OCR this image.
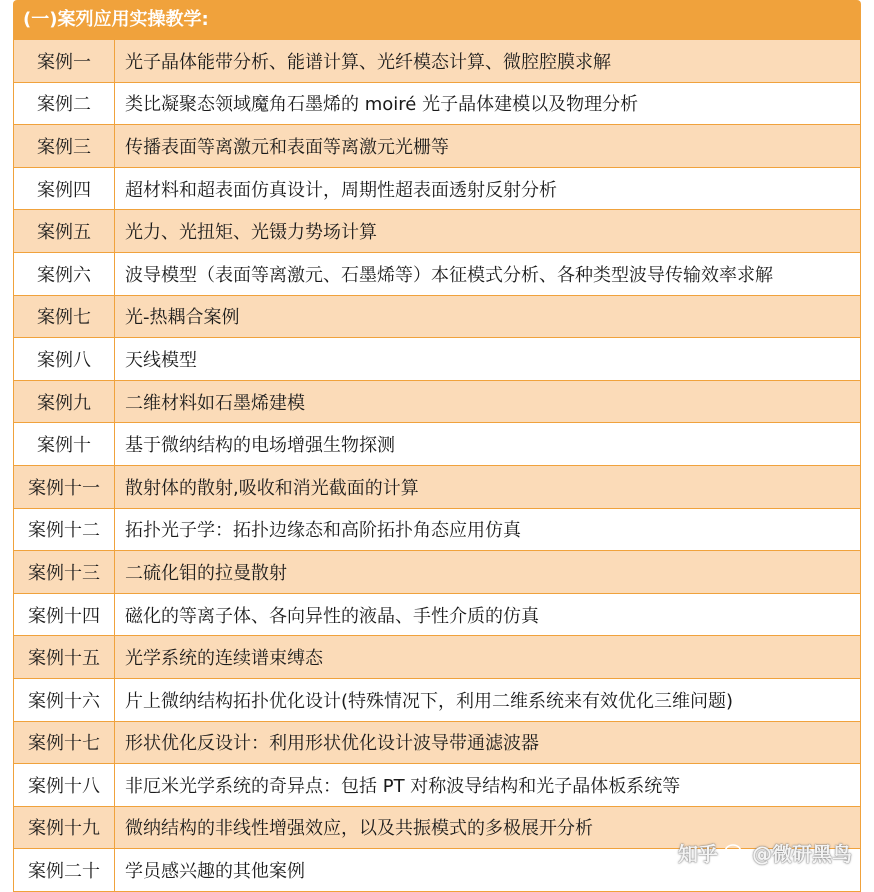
(一)案列应用实操教学:
案例一	光子晶体能带分析、能谱计算、光纤模态计算、微腔腔膜求解
案例二	类比凝聚态领域魔角石墨烯的 moiré 光子晶体建模以及物理分析
案例三	传播表面等离激元和表面等离激元光栅等
案例四	超材料和超表面仿真设计，周期性超表面透射反射分析
案例五	光力、光扭矩、光镊力势场计算
案例六	波导模型（表面等离激元、石墨烯等）本征模式分析、各种类型波导传输效率求解
案例七	光-热耦合案例
案例八	天线模型
案例九	二维材料如石墨烯建模
案例十	基于微纳结构的电场增强生物探测
案例十一	散射体的散射,吸收和消光截面的计算
案例十二	拓扑光子学：拓扑边缘态和高阶拓扑角态应用仿真
案例十三	二硫化钼的拉曼散射
案例十四	磁化的等离子体、各向异性的液晶、手性介质的仿真
案例十五	光学系统的连续谱束缚态
案例十六	片上微纳结构拓扑优化设计(特殊情况下，利用二维系统来有效优化三维问题)
案例十七	形状优化反设计：利用形状优化设计波导带通滤波器
案例十八	非厄米光学系统的奇异点：包括 PT 对称波导结构和光子晶体板系统等
案例十九	微纳结构的非线性增强效应，以及共振模式的多极展开分析
案例二十	学员感兴趣的其他案例
知乎 @微研黑鸟
